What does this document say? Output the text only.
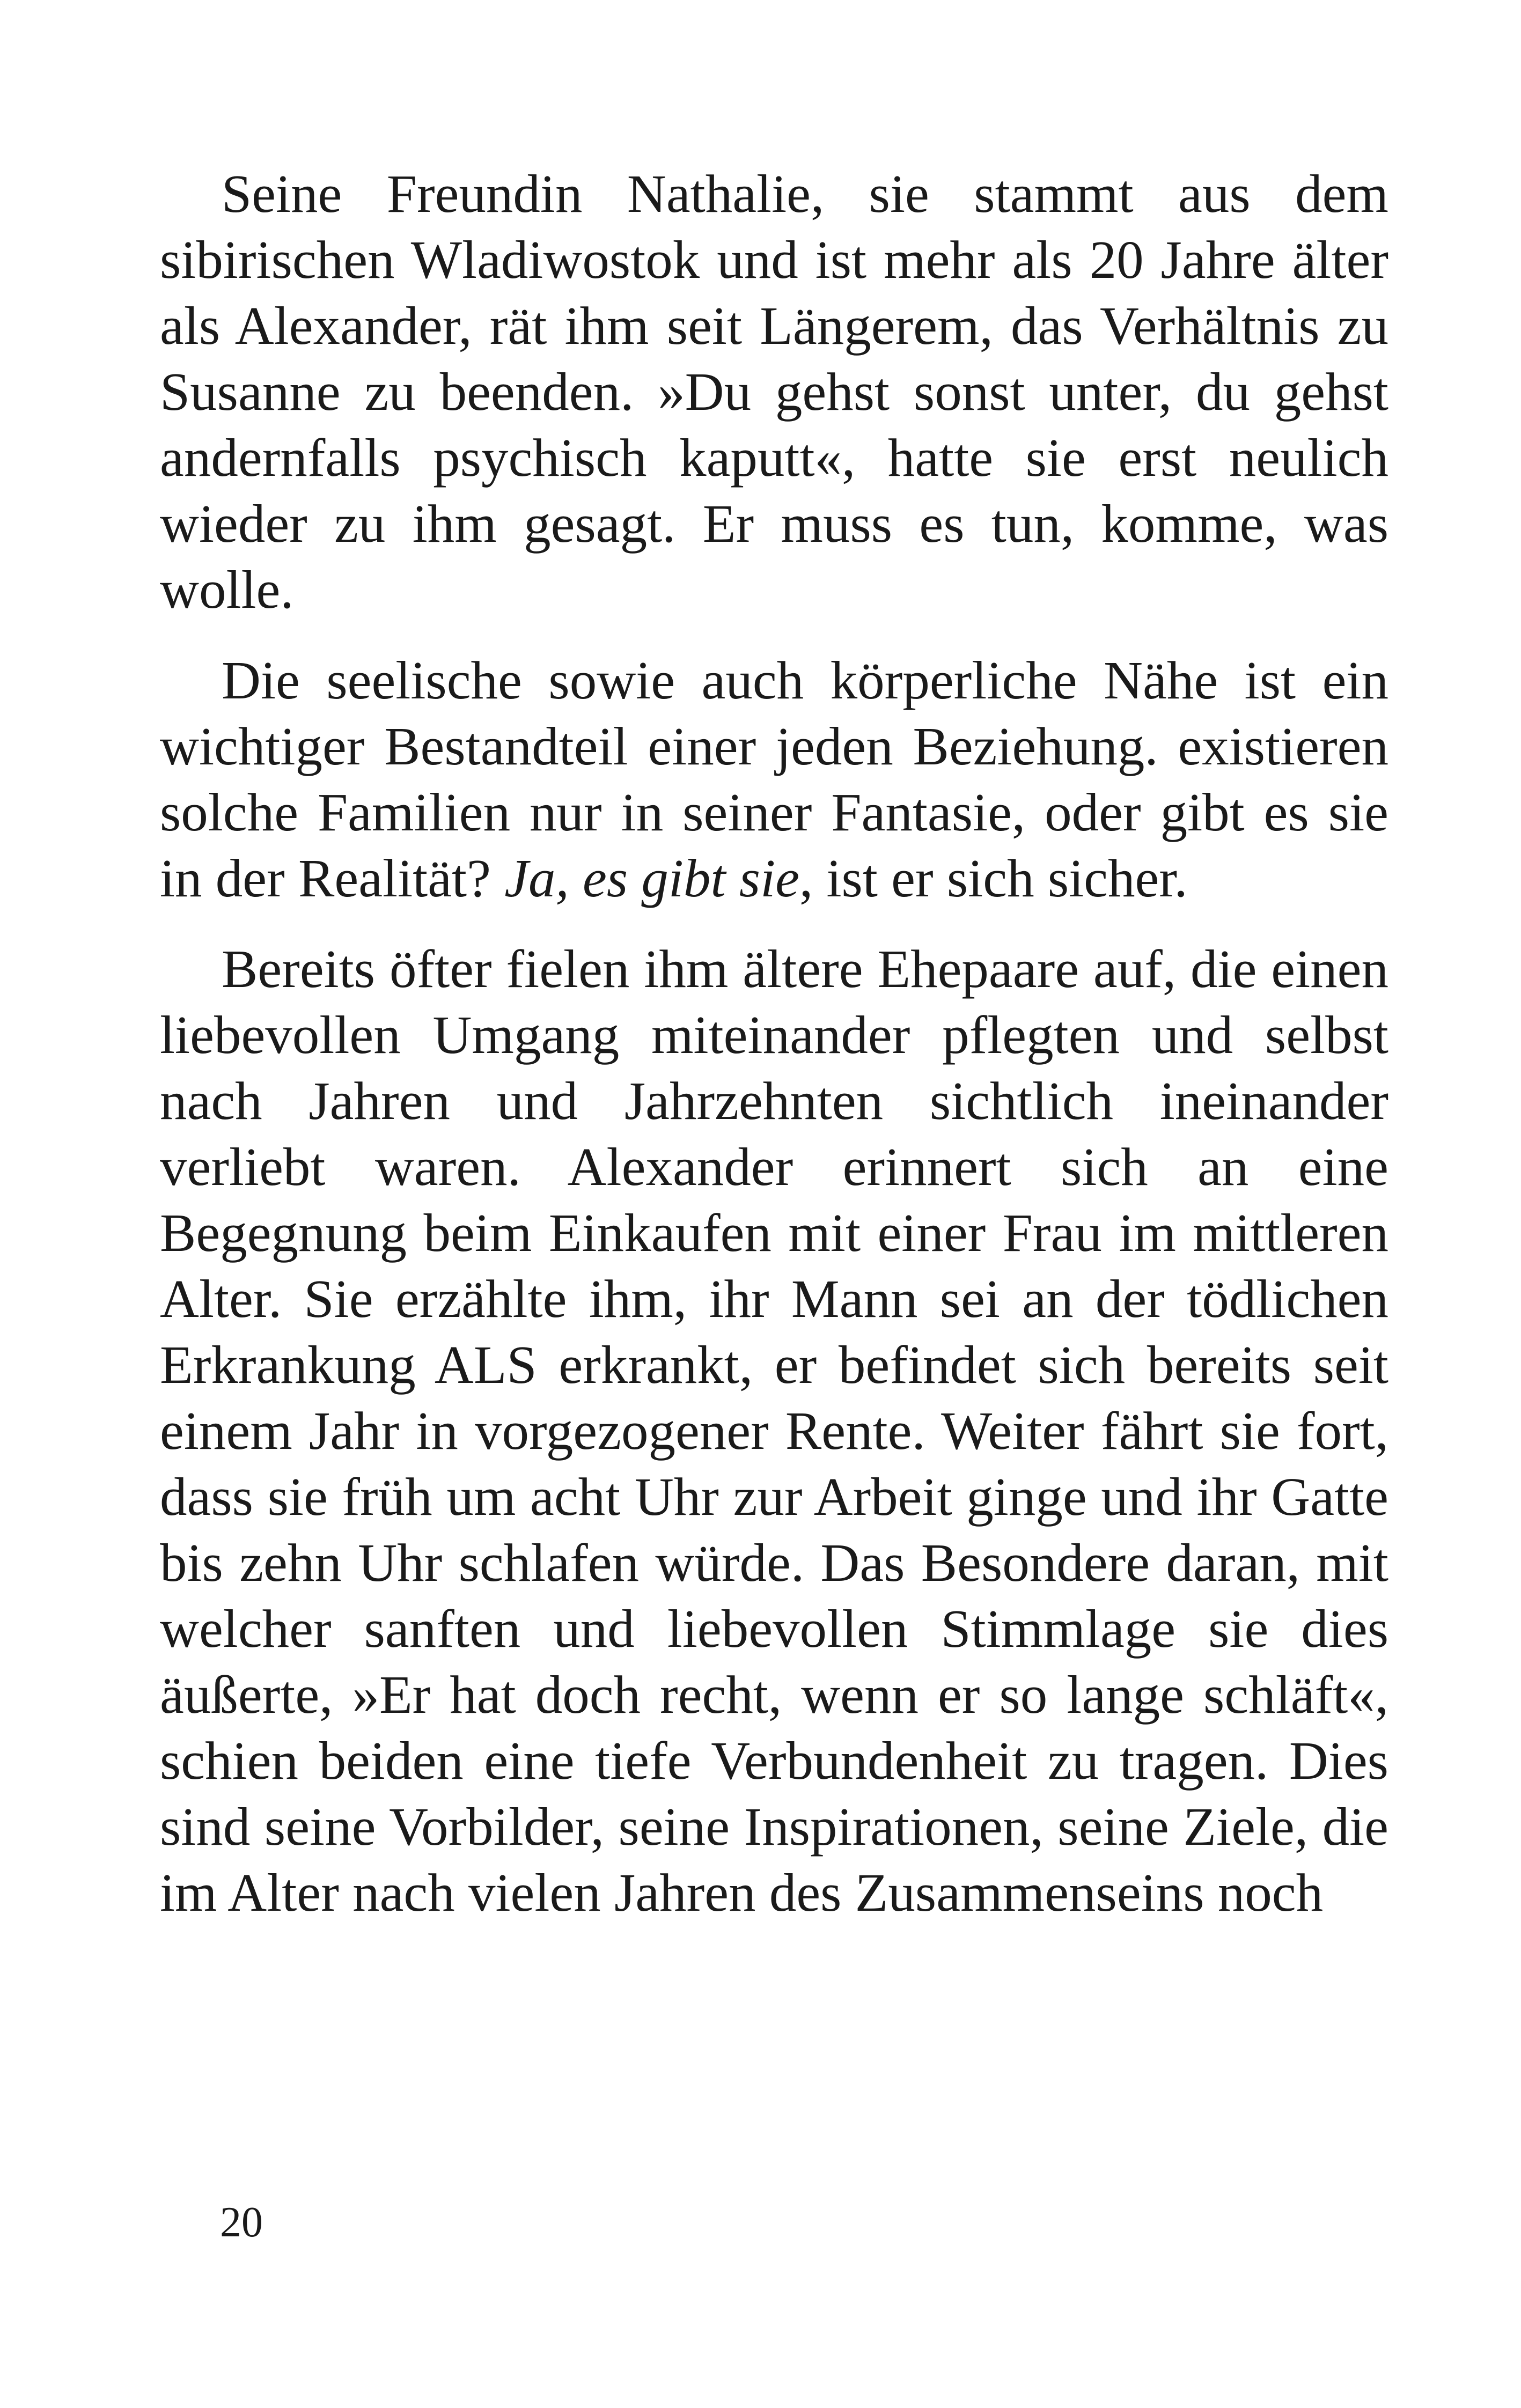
Seine Freundin Nathalie, sie stammt aus dem sibirischen Wladiwostok und ist mehr als 20 Jahre älter als Alexander, rät ihm seit Längerem, das Verhältnis zu Susanne zu beenden. »Du gehst sonst unter, du gehst andernfalls psychisch kaputt«, hatte sie erst neulich wieder zu ihm gesagt. Er muss es tun, komme, was wolle.

Die seelische sowie auch körperliche Nähe ist ein wichtiger Bestandteil einer jeden Beziehung. existieren solche Familien nur in seiner Fantasie, oder gibt es sie in der Realität? Ja, es gibt sie, ist er sich sicher.

Bereits öfter fielen ihm ältere Ehepaare auf, die einen liebevollen Umgang miteinander pflegten und selbst nach Jahren und Jahrzehnten sichtlich ineinander verliebt waren. Alexander erinnert sich an eine Begegnung beim Einkaufen mit einer Frau im mittleren Alter. Sie erzählte ihm, ihr Mann sei an der tödlichen Erkrankung ALS erkrankt, er befindet sich bereits seit einem Jahr in vorgezogener Rente. Weiter fährt sie fort, dass sie früh um acht Uhr zur Arbeit ginge und ihr Gatte bis zehn Uhr schlafen würde. Das Besondere daran, mit welcher sanften und liebevollen Stimmlage sie dies äußerte, »Er hat doch recht, wenn er so lange schläft«, schien beiden eine tiefe Verbundenheit zu tragen. Dies sind seine Vorbilder, seine Inspirationen, seine Ziele, die im Alter nach vielen Jahren des Zusammenseins noch

20
